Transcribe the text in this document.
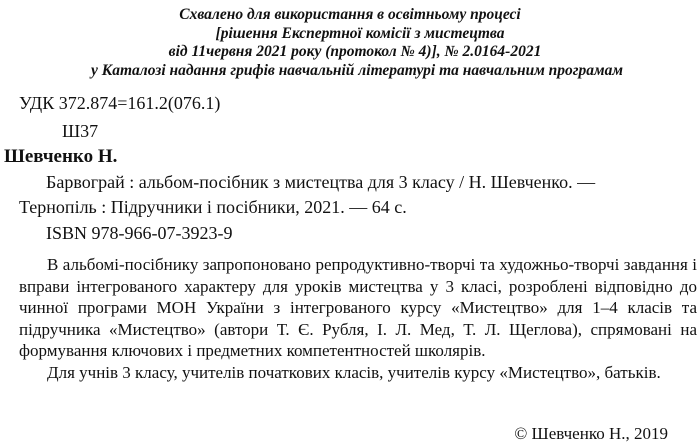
Схвалено для використання в освітньому процесі
[рішення Експертної комісії з мистецтва
від 11червня 2021 року (протокол № 4)], № 2.0164-2021
у Каталозі надання грифів навчальній літературі та навчальним програмам
УДК 372.874=161.2(076.1)
Ш37
Шевченко Н.
Барвограй : альбом-посібник з мистецтва для 3 класу / Н. Шевченко. —
Тернопіль : Підручники і посібники, 2021. — 64 с.
ISBN 978-966-07-3923-9

В альбомі-посібнику запропоновано репродуктивно-творчі та художньо-творчі завдання і вправи інтегрованого характеру для уроків мистецтва у 3 класі, розроблені відповідно до чинної програми МОН України з інтегрованого курсу «Мистецтво» для 1–4 класів та підручника «Мистецтво» (автори Т. Є. Рубля, І. Л. Мед, Т. Л. Щеглова), спрямовані на формування ключових і предметних компетентностей школярів.

Для учнів 3 класу, учителів початкових класів, учителів курсу «Мистецтво», батьків.

© Шевченко Н., 2019
